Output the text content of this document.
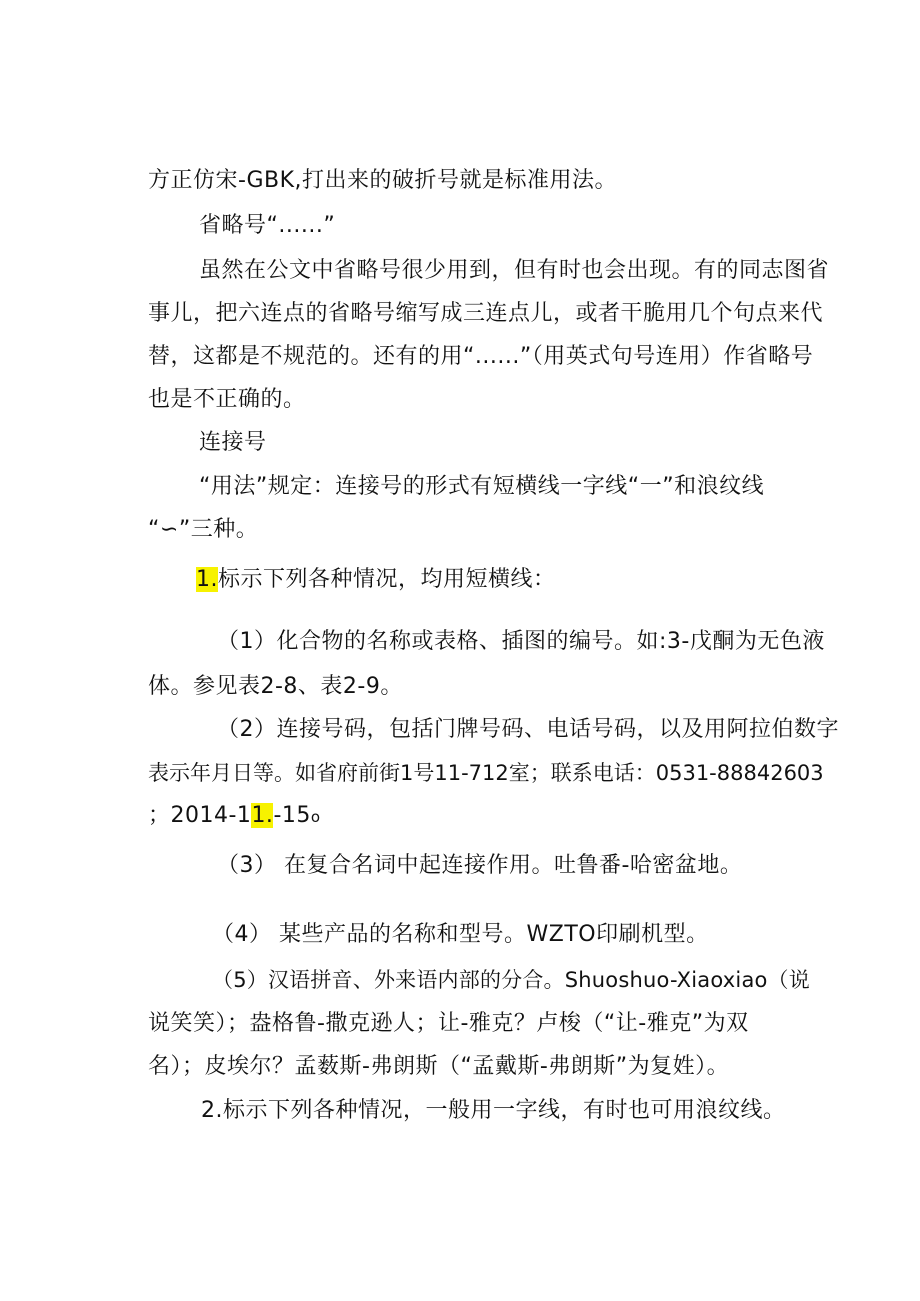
方正仿宋-GBK,打出来的破折号就是标准用法。
省略号“......”
虽然在公文中省略号很少用到，但有时也会出现。有的同志图省
事儿，把六连点的省略号缩写成三连点儿，或者干脆用几个句点来代
替，这都是不规范的。还有的用“......”（用英式句号连用）作省略号
也是不正确的。
连接号
“用法”规定：连接号的形式有短横线一字线“一”和浪纹线
“∽”三种。
1.标示下列各种情况，均用短横线：
（1）化合物的名称或表格、插图的编号。如:3-戊酮为无色液
体。参见表2-8、表2-9。
（2）连接号码，包括门牌号码、电话号码，以及用阿拉伯数字
表示年月日等。如省府前街1号11-712室；联系电话：0531-88842603
；2014-11.-15o
（3） 在复合名词中起连接作用。吐鲁番-哈密盆地。
（4） 某些产品的名称和型号。WZTO印刷机型。
（5）汉语拼音、外来语内部的分合。Shuoshuo-Xiaoxiao（说
说笑笑）；盎格鲁-撒克逊人；让-雅克？卢梭（“让-雅克”为双
名）；皮埃尔？孟薮斯-弗朗斯（“孟戴斯-弗朗斯”为复姓）。
2.标示下列各种情况，一般用一字线，有时也可用浪纹线。
